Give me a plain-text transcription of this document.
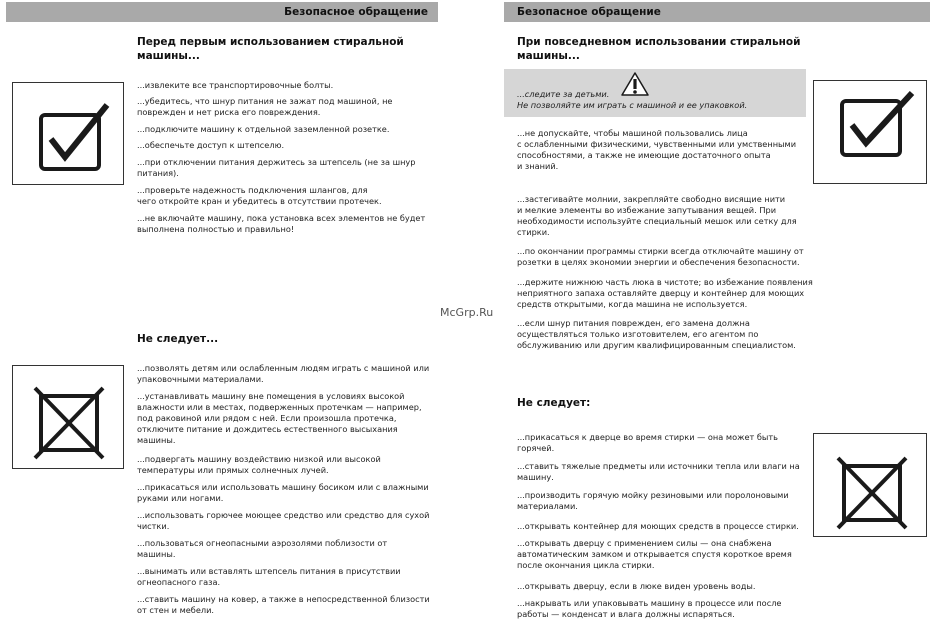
Безопасное обращение
Перед первым использованием стиральной
машины...
...извлеките все транспортировочные болты.
...убедитесь, что шнур питания не зажат под машиной, не
поврежден и нет риска его повреждения.
...подключите машину к отдельной заземленной розетке.
...обеспечьте доступ к штепселю.
...при отключении питания держитесь за штепсель (не за шнур
питания).
...проверьте надежность подключения шлангов, для
чего откройте кран и убедитесь в отсутствии протечек.
...не включайте машину, пока установка всех элементов не будет
выполнена полностью и правильно!
Не следует...
...позволять детям или ослабленным людям играть с машиной или
упаковочными материалами.
...устанавливать машину вне помещения в условиях высокой
влажности или в местах, подверженных протечкам — например,
под раковиной или рядом с ней. Если произошла протечка,
отключите питание и дождитесь естественного высыхания
машины.
...подвергать машину воздействию низкой или высокой
температуры или прямых солнечных лучей.
...прикасаться или использовать машину босиком или с влажными
руками или ногами.
...использовать горючее моющее средство или средство для сухой
чистки.
...пользоваться огнеопасными аэрозолями поблизости от
машины.
...вынимать или вставлять штепсель питания в присутствии
огнеопасного газа.
...ставить машину на ковер, а также в непосредственной близости
от стен и мебели.
McGrp.Ru
Безопасное обращение
При повседневном использовании стиральной
машины...
...следите за детьми.
Не позволяйте им играть с машиной и ее упаковкой.
...не допускайте, чтобы машиной пользовались лица
с ослабленными физическими, чувственными или умственными
способностями, а также не имеющие достаточного опыта
и знаний.
...застегивайте молнии, закрепляйте свободно висящие нити
и мелкие элементы во избежание запутывания вещей. При
необходимости используйте специальный мешок или сетку для
стирки.
...по окончании программы стирки всегда отключайте машину от
розетки в целях экономии энергии и обеспечения безопасности.
...держите нижнюю часть люка в чистоте; во избежание появления
неприятного запаха оставляйте дверцу и контейнер для моющих
средств открытыми, когда машина не используется.
...если шнур питания поврежден, его замена должна
осуществляться только изготовителем, его агентом по
обслуживанию или другим квалифицированным специалистом.
Не следует:
...прикасаться к дверце во время стирки — она может быть
горячей.
...ставить тяжелые предметы или источники тепла или влаги на
машину.
...производить горячую мойку резиновыми или поролоновыми
материалами.
...открывать контейнер для моющих средств в процессе стирки.
...открывать дверцу с применением силы — она снабжена
автоматическим замком и открывается спустя короткое время
после окончания цикла стирки.
...открывать дверцу, если в люке виден уровень воды.
...накрывать или упаковывать машину в процессе или после
работы — конденсат и влага должны испаряться.
